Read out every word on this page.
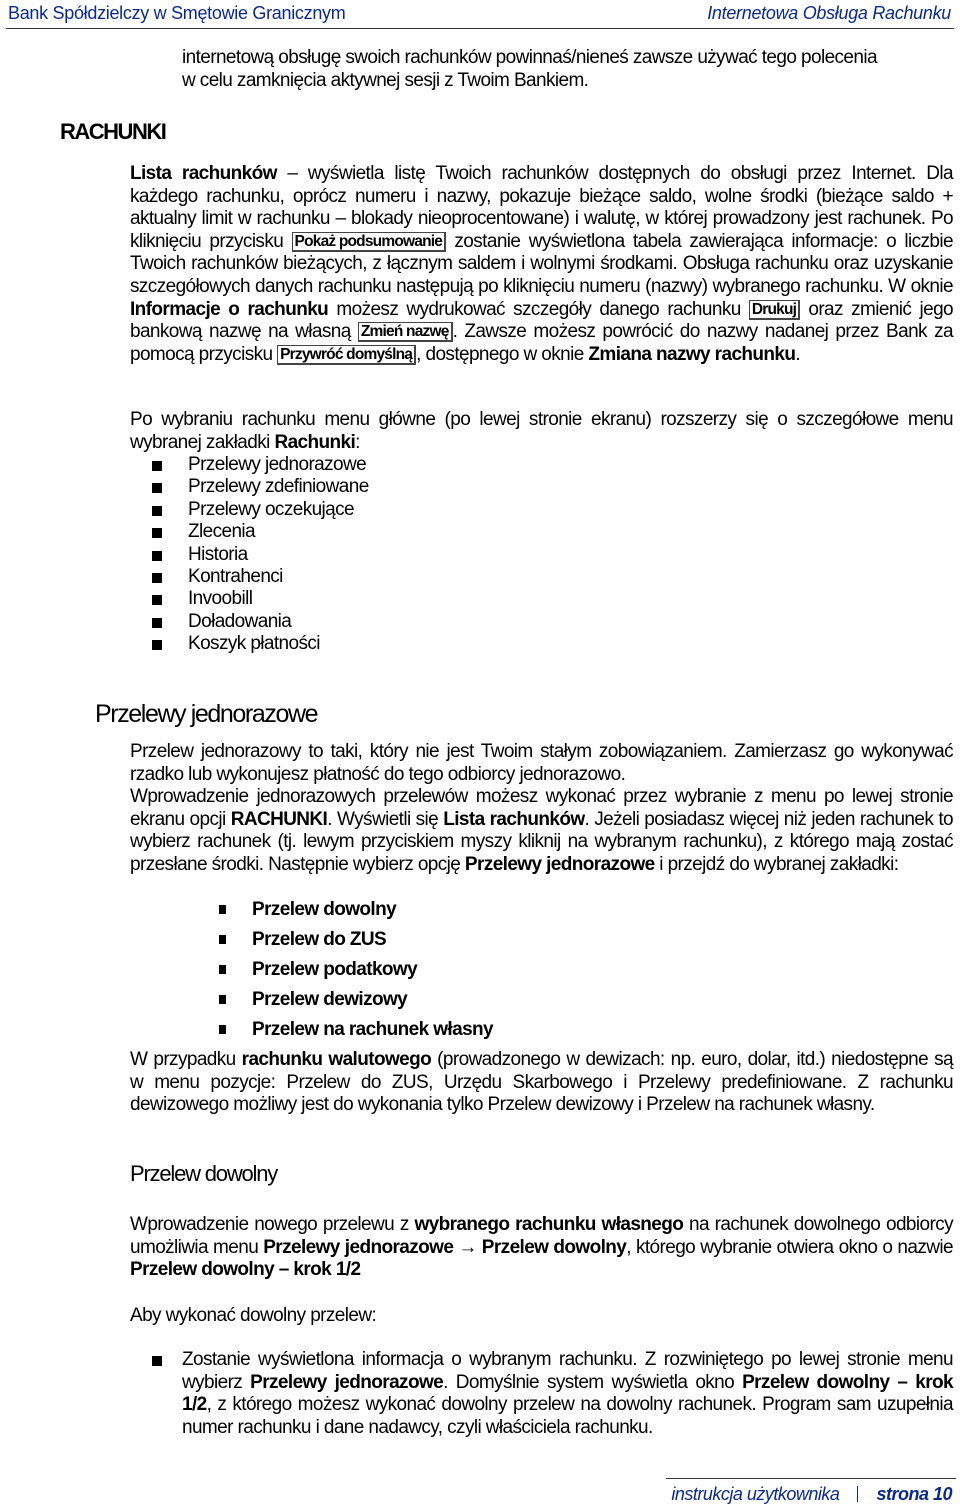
Bank Spółdzielczy w Smętowie Granicznym	Internetowa Obsługa Rachunku
internetową obsługę swoich rachunków powinnaś/nieneś zawsze używać tego polecenia
w celu zamknięcia aktywnej sesji z Twoim Bankiem.
RACHUNKI
Lista rachunków – wyświetla listę Twoich rachunków dostępnych do obsługi przez Internet. Dla każdego rachunku, oprócz numeru i nazwy, pokazuje bieżące saldo, wolne środki (bieżące saldo + aktualny limit w rachunku – blokady nieoprocentowane) i walutę, w której prowadzony jest rachunek. Po kliknięciu przycisku Pokaż podsumowanie zostanie wyświetlona tabela zawierająca informacje: o liczbie Twoich rachunków bieżących, z łącznym saldem i wolnymi środkami. Obsługa rachunku oraz uzyskanie szczegółowych danych rachunku następują po kliknięciu numeru (nazwy) wybranego rachunku. W oknie Informacje o rachunku możesz wydrukować szczegóły danego rachunku Drukuj oraz zmienić jego bankową nazwę na własną Zmień nazwę . Zawsze możesz powrócić do nazwy nadanej przez Bank za pomocą przycisku Przywróć domyślną , dostępnego w oknie Zmiana nazwy rachunku.
Po wybraniu rachunku menu główne (po lewej stronie ekranu) rozszerzy się o szczegółowe menu wybranej zakładki Rachunki:
Przelewy jednorazowe
Przelewy zdefiniowane
Przelewy oczekujące
Zlecenia
Historia
Kontrahenci
Invoobill
Doładowania
Koszyk płatności
Przelewy jednorazowe
Przelew jednorazowy to taki, który nie jest Twoim stałym zobowiązaniem. Zamierzasz go wykonywać rzadko lub wykonujesz płatność do tego odbiorcy jednorazowo.
Wprowadzenie jednorazowych przelewów możesz wykonać przez wybranie z menu po lewej stronie ekranu opcji RACHUNKI. Wyświetli się Lista rachunków. Jeżeli posiadasz więcej niż jeden rachunek to wybierz rachunek (tj. lewym przyciskiem myszy kliknij na wybranym rachunku), z którego mają zostać przesłane środki. Następnie wybierz opcję Przelewy jednorazowe i przejdź do wybranej zakładki:
Przelew dowolny
Przelew do ZUS
Przelew podatkowy
Przelew dewizowy
Przelew na rachunek własny
W przypadku rachunku walutowego (prowadzonego w dewizach: np. euro, dolar, itd.) niedostępne są w menu pozycje: Przelew do ZUS, Urzędu Skarbowego i Przelewy predefiniowane. Z rachunku dewizowego możliwy jest do wykonania tylko Przelew dewizowy i Przelew na rachunek własny.
Przelew dowolny
Wprowadzenie nowego przelewu z wybranego rachunku własnego na rachunek dowolnego odbiorcy umożliwia menu Przelewy jednorazowe → Przelew dowolny, którego wybranie otwiera okno o nazwie Przelew dowolny – krok 1/2
Aby wykonać dowolny przelew:
Zostanie wyświetlona informacja o wybranym rachunku. Z rozwiniętego po lewej stronie menu wybierz Przelewy jednorazowe. Domyślnie system wyświetla okno Przelew dowolny – krok 1/2, z którego możesz wykonać dowolny przelew na dowolny rachunek. Program sam uzupełnia numer rachunku i dane nadawcy, czyli właściciela rachunku.
instrukcja użytkownika strona 10
